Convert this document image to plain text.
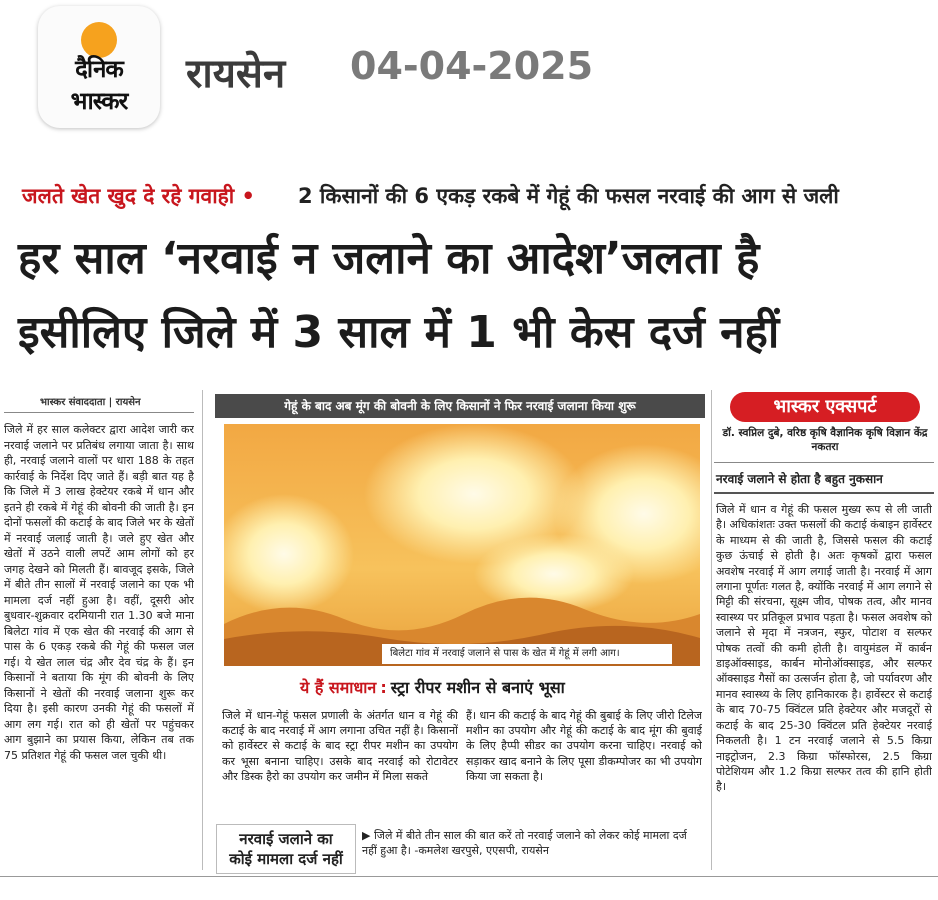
दैनिक
भास्कर
रायसेन 04-04-2025
जलते खेत खुद दे रहे गवाही • 2 किसानों की 6 एकड़ रकबे में गेहूं की फसल नरवाई की आग से जली
हर साल ‘नरवाई न जलाने का आदेश’जलता है
इसीलिए जिले में 3 साल में 1 भी केस दर्ज नहीं
भास्कर संवाददाता | रायसेन
जिले में हर साल कलेक्टर द्वारा आदेश जारी कर नरवाई जलाने पर प्रतिबंध लगाया जाता है। साथ ही, नरवाई जलाने वालों पर धारा 188 के तहत कार्रवाई के निर्देश दिए जाते हैं। बड़ी बात यह है कि जिले में 3 लाख हेक्टेयर रकबे में धान और इतने ही रकबे में गेहूं की बोवनी की जाती है। इन दोनों फसलों की कटाई के बाद जिले भर के खेतों में नरवाई जलाई जाती है। जले हुए खेत और खेतों में उठने वाली लपटें आम लोगों को हर जगह देखने को मिलती हैं। बावजूद इसके, जिले में बीते तीन सालों में नरवाई जलाने का एक भी मामला दर्ज नहीं हुआ है। वहीं, दूसरी ओर बुधवार-शुक्रवार दरमियानी रात 1.30 बजे माना बिलेटा गांव में एक खेत की नरवाई की आग से पास के 6 एकड़ रकबे की गेहूं की फसल जल गई। ये खेत लाल चंद्र और देव चंद्र के हैं। इन किसानों ने बताया कि मूंग की बोवनी के लिए किसानों ने खेतों की नरवाई जलाना शुरू कर दिया है। इसी कारण उनकी गेहूं की फसलों में आग लग गई। रात को ही खेतों पर पहुंचकर आग बुझाने का प्रयास किया, लेकिन तब तक 75 प्रतिशत गेहूं की फसल जल चुकी थी।
गेहूं के बाद अब मूंग की बोवनी के लिए किसानों ने फिर नरवाई जलाना किया शुरू
बिलेटा गांव में नरवाई जलाने से पास के खेत में गेहूं में लगी आग।
ये हैं समाधान : स्ट्रा रीपर मशीन से बनाएं भूसा
जिले में धान-गेहूं फसल प्रणाली के अंतर्गत धान व गेहूं की कटाई के बाद नरवाई में आग लगाना उचित नहीं है। किसानों को हार्वेस्टर से कटाई के बाद स्ट्रा रीपर मशीन का उपयोग कर भूसा बनाना चाहिए। उसके बाद नरवाई को रोटावेटर और डिस्क हैरो का उपयोग कर जमीन में मिला सकते
हैं। धान की कटाई के बाद गेहूं की बुबाई के लिए जीरो टिलेज मशीन का उपयोग और गेहूं की कटाई के बाद मूंग की बुवाई के लिए हैप्पी सीडर का उपयोग करना चाहिए। नरवाई को सड़ाकर खाद बनाने के लिए पूसा डीकम्पोजर का भी उपयोग किया जा सकता है।
नरवाई जलाने का
कोई मामला दर्ज नहीं
▶ जिले में बीते तीन साल की बात करें तो नरवाई जलाने को लेकर कोई मामला दर्ज नहीं हुआ है। -कमलेश खरपुसे, एएसपी, रायसेन
भास्कर एक्सपर्ट
डॉ. स्वप्निल दुबे, वरिष्ठ कृषि वैज्ञानिक कृषि विज्ञान केंद्र नकतरा
नरवाई जलाने से होता है बहुत नुकसान
जिले में धान व गेहूं की फसल मुख्य रूप से ली जाती है। अधिकांशतः उक्त फसलों की कटाई कंबाइन हार्वेस्टर के माध्यम से की जाती है, जिससे फसल की कटाई कुछ ऊंचाई से होती है। अतः कृषकों द्वारा फसल अवशेष नरवाई में आग लगाई जाती है। नरवाई में आग लगाना पूर्णतः गलत है, क्योंकि नरवाई में आग लगाने से मिट्टी की संरचना, सूक्ष्म जीव, पोषक तत्व, और मानव स्वास्थ्य पर प्रतिकूल प्रभाव पड़ता है। फसल अवशेष को जलाने से मृदा में नत्रजन, स्फुर, पोटाश व सल्फर पोषक तत्वों की कमी होती है। वायुमंडल में कार्बन डाइऑक्साइड, कार्बन मोनोऑक्साइड, और सल्फर ऑक्साइड गैसों का उत्सर्जन होता है, जो पर्यावरण और मानव स्वास्थ्य के लिए हानिकारक है। हार्वेस्टर से कटाई के बाद 70-75 क्विंटल प्रति हेक्टेयर और मजदूरों से कटाई के बाद 25-30 क्विंटल प्रति हेक्टेयर नरवाई निकलती है। 1 टन नरवाई जलाने से 5.5 किग्रा नाइट्रोजन, 2.3 किग्रा फॉस्फोरस, 2.5 किग्रा पोटेशियम और 1.2 किग्रा सल्फर तत्व की हानि होती है।
